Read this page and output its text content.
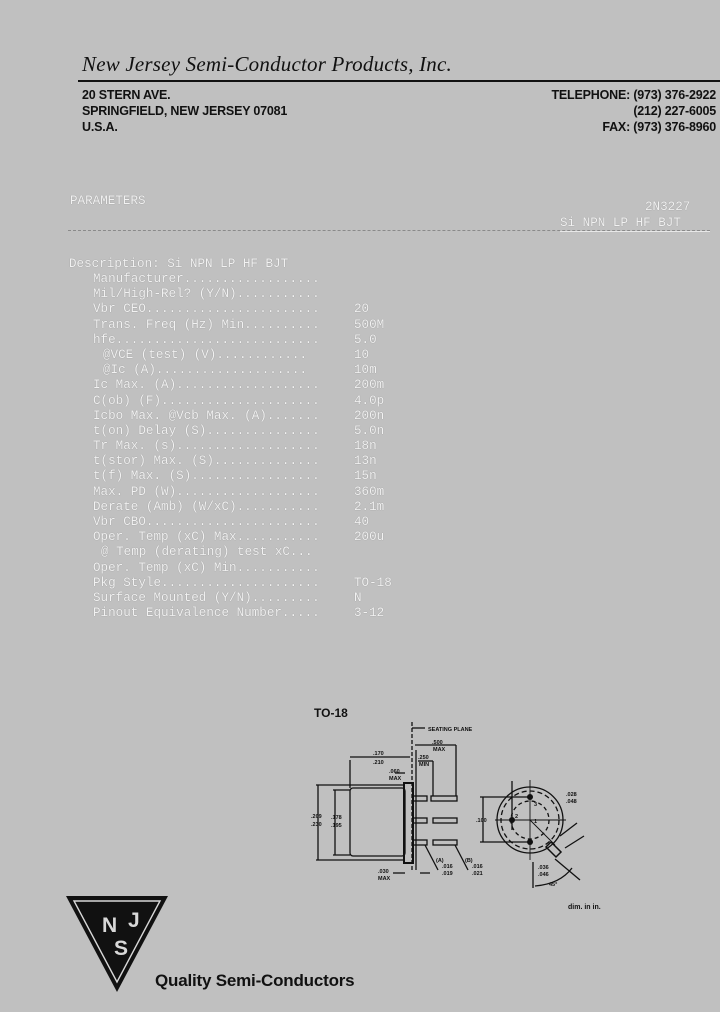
New Jersey Semi-Conductor Products, Inc.
20 STERN AVE.
SPRINGFIELD, NEW JERSEY 07081
U.S.A.
TELEPHONE: (973) 376-2922
(212) 227-6005
FAX: (973) 376-8960
PARAMETERS	2N3227
Si NPN LP HF BJT
Description: Si NPN LP HF BJT
Manufacturer..................
Mil/High-Rel? (Y/N)...........
Vbr CEO.......................	20
Trans. Freq (Hz) Min..........	500M
hfe...........................	5.0
@VCE (test) (V)............	10
@Ic (A)....................	10m
Ic Max. (A)...................	200m
C(ob) (F).....................	4.0p
Icbo Max. @Vcb Max. (A).......	200n
t(on) Delay (S)...............	5.0n
Tr Max. (s)...................	18n
t(stor) Max. (S)..............	13n
t(f) Max. (S).................	15n
Max. PD (W)...................	360m
Derate (Amb) (W/xC)...........	2.1m
Vbr CBO.......................	40
Oper. Temp (xC) Max...........	200u
@ Temp (derating) test xC...
Oper. Temp (xC) Min...........
Pkg Style.....................	TO-18
Surface Mounted (Y/N).........	N
Pinout Equivalence Number.....	3-12
TO-18
SEATING PLANE
.500
MAX
.170
.210
.250
MIN
.060
MAX
.209
.230
.178
.195
.030
MAX
(A)
.016
.019
(B)
.016
.021
.100
.028
.048
.036
.046
45°
3
2
1
dim. in in.
N J
S
Quality Semi-Conductors
